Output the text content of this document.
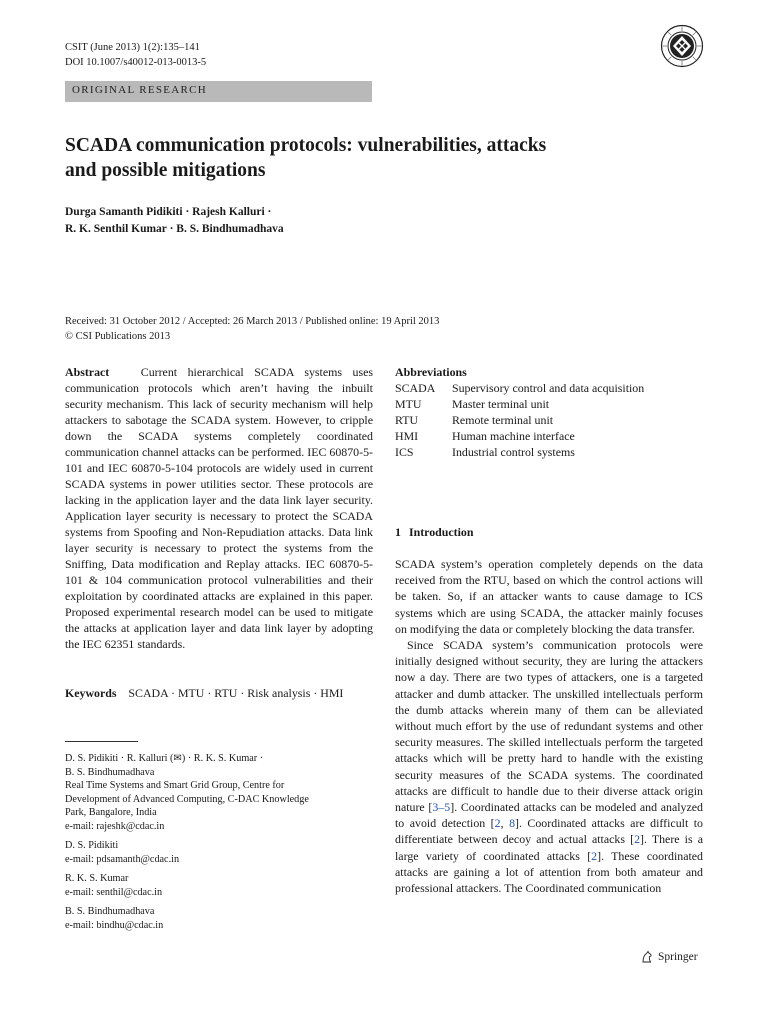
CSIT (June 2013) 1(2):135–141
DOI 10.1007/s40012-013-0013-5
ORIGINAL RESEARCH
SCADA communication protocols: vulnerabilities, attacks
and possible mitigations
Durga Samanth Pidikiti · Rajesh Kalluri ·
R. K. Senthil Kumar · B. S. Bindhumadhava
Received: 31 October 2012 / Accepted: 26 March 2013 / Published online: 19 April 2013
© CSI Publications 2013

Abstract	Current hierarchical SCADA systems uses communication protocols which aren’t having the inbuilt security mechanism. This lack of security mechanism will help attackers to sabotage the SCADA system. However, to cripple down the SCADA systems completely coordinated communication channel attacks can be performed. IEC 60870-5-101 and IEC 60870-5-104 protocols are widely used in current SCADA systems in power utilities sector. These protocols are lacking in the application layer and the data link layer security. Application layer security is necessary to protect the SCADA systems from Spoofing and Non-Repudiation attacks. Data link layer security is necessary to protect the systems from the Sniffing, Data modification and Replay attacks. IEC 60870-5-101 & 104 communication protocol vulnerabilities and their exploitation by coordinated attacks are explained in this paper. Proposed experimental research model can be used to mitigate the attacks at application layer and data link layer by adopting the IEC 62351 standards.

Keywords SCADA · MTU · RTU · Risk analysis · HMI

D. S. Pidikiti · R. Kalluri (✉) · R. K. S. Kumar ·
B. S. Bindhumadhava
Real Time Systems and Smart Grid Group, Centre for
Development of Advanced Computing, C-DAC Knowledge
Park, Bangalore, India
e-mail: rajeshk@cdac.in

D. S. Pidikiti
e-mail: pdsamanth@cdac.in

R. K. S. Kumar
e-mail: senthil@cdac.in

B. S. Bindhumadhava
e-mail: bindhu@cdac.in

Abbreviations
SCADA	Supervisory control and data acquisition
MTU	Master terminal unit
RTU	Remote terminal unit
HMI	Human machine interface
ICS	Industrial control systems
1 Introduction

SCADA system’s operation completely depends on the data received from the RTU, based on which the control actions will be taken. So, if an attacker wants to cause damage to ICS systems which are using SCADA, the attacker mainly focuses on modifying the data or completely blocking the data transfer.

Since SCADA system’s communication protocols were initially designed without security, they are luring the attackers now a day. There are two types of attackers, one is a targeted attacker and dumb attacker. The unskilled intellectuals perform the dumb attacks wherein many of them can be alleviated without much effort by the use of redundant systems and other security measures. The skilled intellectuals perform the targeted attacks which will be pretty hard to handle with the existing security measures of the SCADA systems. The coordinated attacks are difficult to handle due to their diverse attack origin nature [3–5]. Coordinated attacks can be modeled and analyzed to avoid detection [2, 8]. Coordinated attacks are difficult to differentiate between decoy and actual attacks [2]. There is a large variety of coordinated attacks [2]. These coordinated attacks are gaining a lot of attention from both amateur and professional attackers. The Coordinated communication

Springer
